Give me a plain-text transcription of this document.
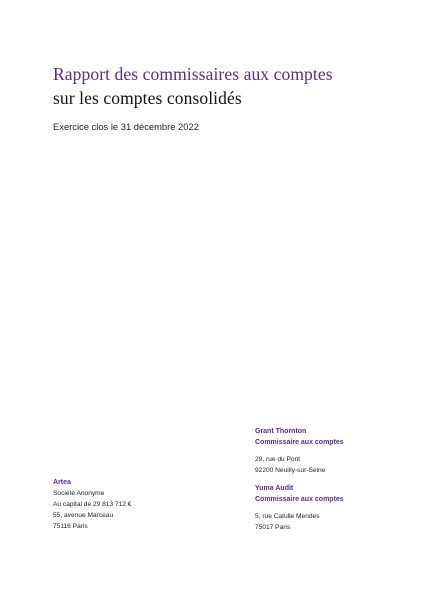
Rapport des commissaires aux comptes
sur les comptes consolidés
Exercice clos le 31 décembre 2022
Grant Thornton
Commissaire aux comptes
29, rue du Pont
92200 Neuilly-sur-Seine
Yuma Audit
Commissaire aux comptes
5, rue Catulle Mendes
75017 Paris
Artea
Société Anonyme
Au capital de 29 813 712 €
55, avenue Marceau
75116 Paris
